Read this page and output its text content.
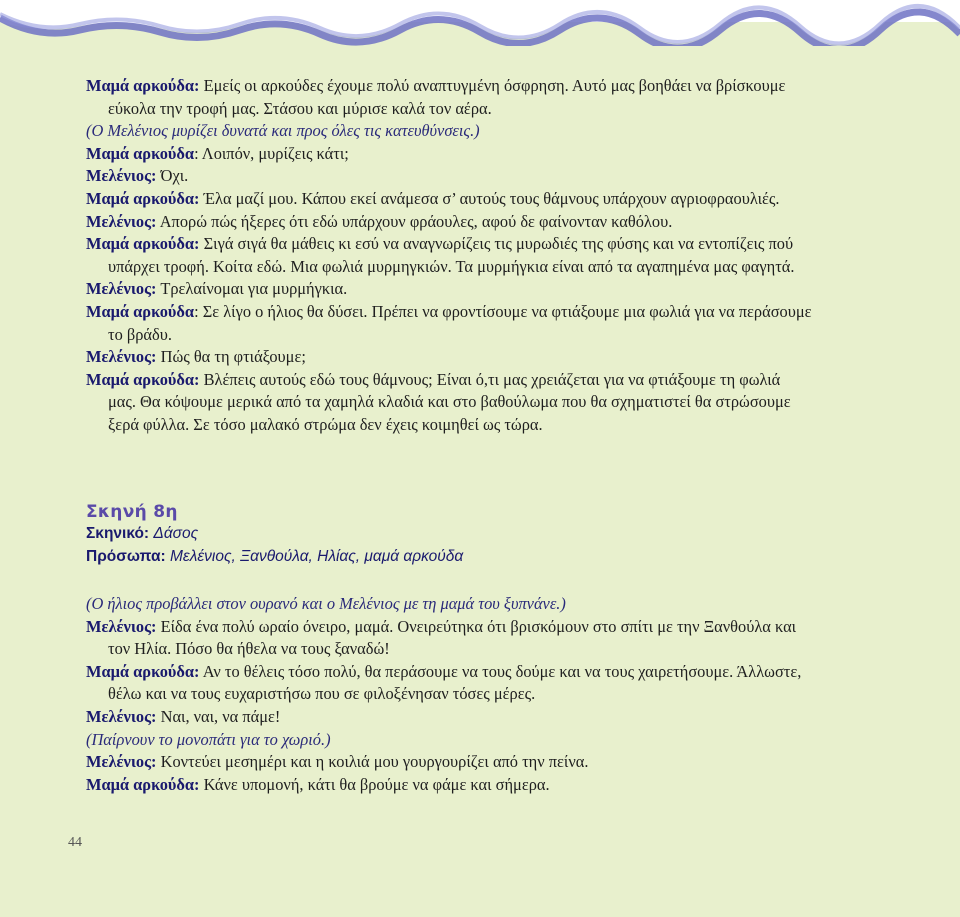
Μαμά αρκούδα: Εμείς οι αρκούδες έχουμε πολύ αναπτυγμένη όσφρηση. Αυτό μας βοηθάει να βρίσκουμε
εύκολα την τροφή μας. Στάσου και μύρισε καλά τον αέρα.
(Ο Μελένιος μυρίζει δυνατά και προς όλες τις κατευθύνσεις.)
Μαμά αρκούδα: Λοιπόν, μυρίζεις κάτι;
Μελένιος: Όχι.
Μαμά αρκούδα: Έλα μαζί μου. Κάπου εκεί ανάμεσα σ’ αυτούς τους θάμνους υπάρχουν αγριοφραουλιές.
Μελένιος: Απορώ πώς ήξερες ότι εδώ υπάρχουν φράουλες, αφού δε φαίνονταν καθόλου.
Μαμά αρκούδα: Σιγά σιγά θα μάθεις κι εσύ να αναγνωρίζεις τις μυρωδιές της φύσης και να εντοπίζεις πού
υπάρχει τροφή. Κοίτα εδώ. Μια φωλιά μυρμηγκιών. Τα μυρμήγκια είναι από τα αγαπημένα μας φαγητά.
Μελένιος: Τρελαίνομαι για μυρμήγκια.
Μαμά αρκούδα: Σε λίγο ο ήλιος θα δύσει. Πρέπει να φροντίσουμε να φτιάξουμε μια φωλιά για να περάσουμε
το βράδυ.
Μελένιος: Πώς θα τη φτιάξουμε;
Μαμά αρκούδα: Βλέπεις αυτούς εδώ τους θάμνους; Είναι ό,τι μας χρειάζεται για να φτιάξουμε τη φωλιά
μας. Θα κόψουμε μερικά από τα χαμηλά κλαδιά και στο βαθούλωμα που θα σχηματιστεί θα στρώσουμε
ξερά φύλλα. Σε τόσο μαλακό στρώμα δεν έχεις κοιμηθεί ως τώρα.
Σκηνή 8η
Σκηνικό: Δάσος
Πρόσωπα: Μελένιος, Ξανθούλα, Ηλίας, μαμά αρκούδα
(Ο ήλιος προβάλλει στον ουρανό και ο Μελένιος με τη μαμά του ξυπνάνε.)
Μελένιος: Είδα ένα πολύ ωραίο όνειρο, μαμά. Ονειρεύτηκα ότι βρισκόμουν στο σπίτι με την Ξανθούλα και
τον Ηλία. Πόσο θα ήθελα να τους ξαναδώ!
Μαμά αρκούδα: Αν το θέλεις τόσο πολύ, θα περάσουμε να τους δούμε και να τους χαιρετήσουμε. Άλλωστε,
θέλω και να τους ευχαριστήσω που σε φιλοξένησαν τόσες μέρες.
Μελένιος: Ναι, ναι, να πάμε!
(Παίρνουν το μονοπάτι για το χωριό.)
Μελένιος: Κοντεύει μεσημέρι και η κοιλιά μου γουργουρίζει από την πείνα.
Μαμά αρκούδα: Κάνε υπομονή, κάτι θα βρούμε να φάμε και σήμερα.
44
